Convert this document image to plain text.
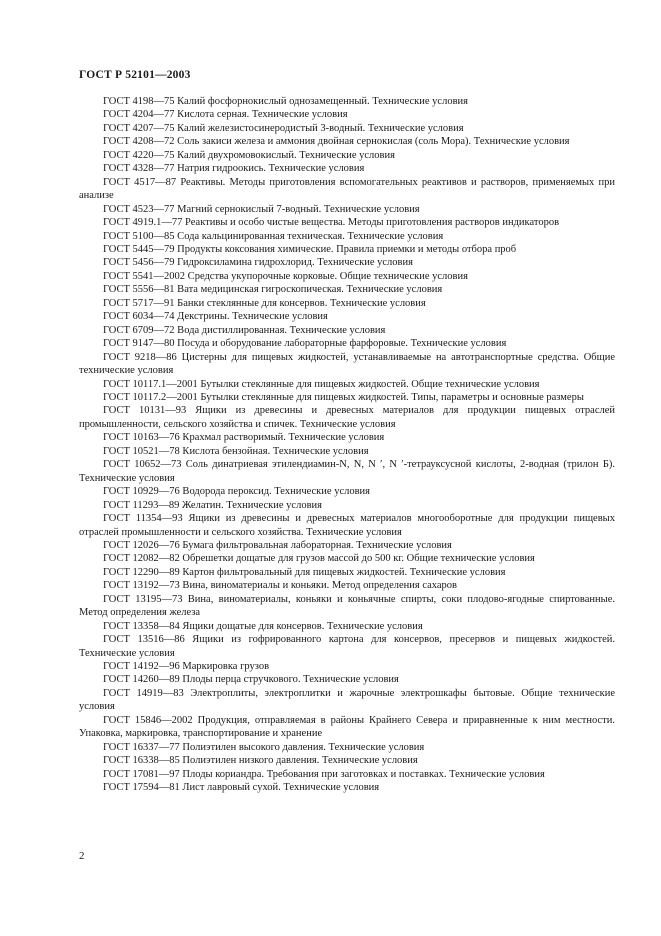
ГОСТ Р 52101—2003
ГОСТ 4198—75 Калий фосфорнокислый однозамещенный. Технические условия
ГОСТ 4204—77 Кислота серная. Технические условия
ГОСТ 4207—75 Калий железистосинеродистый 3-водный. Технические условия
ГОСТ 4208—72 Соль закиси железа и аммония двойная сернокислая (соль Мора). Технические условия
ГОСТ 4220—75 Калий двухромовокислый. Технические условия
ГОСТ 4328—77 Натрия гидроокись. Технические условия
ГОСТ 4517—87 Реактивы. Методы приготовления вспомогательных реактивов и растворов, применяемых при анализе
ГОСТ 4523—77 Магний сернокислый 7-водный. Технические условия
ГОСТ 4919.1—77 Реактивы и особо чистые вещества. Методы приготовления растворов индикаторов
ГОСТ 5100—85 Сода кальцинированная техническая. Технические условия
ГОСТ 5445—79 Продукты коксования химические. Правила приемки и методы отбора проб
ГОСТ 5456—79 Гидроксиламина гидрохлорид. Технические условия
ГОСТ 5541—2002 Средства укупорочные корковые. Общие технические условия
ГОСТ 5556—81 Вата медицинская гигроскопическая. Технические условия
ГОСТ 5717—91 Банки стеклянные для консервов. Технические условия
ГОСТ 6034—74 Декстрины. Технические условия
ГОСТ 6709—72 Вода дистиллированная. Технические условия
ГОСТ 9147—80 Посуда и оборудование лабораторные фарфоровые. Технические условия
ГОСТ 9218—86 Цистерны для пищевых жидкостей, устанавливаемые на автотранспортные средства. Общие технические условия
ГОСТ 10117.1—2001 Бутылки стеклянные для пищевых жидкостей. Общие технические условия
ГОСТ 10117.2—2001 Бутылки стеклянные для пищевых жидкостей. Типы, параметры и основные размеры
ГОСТ 10131—93 Ящики из древесины и древесных материалов для продукции пищевых отраслей промышленности, сельского хозяйства и спичек. Технические условия
ГОСТ 10163—76 Крахмал растворимый. Технические условия
ГОСТ 10521—78 Кислота бензойная. Технические условия
ГОСТ 10652—73 Соль динатриевая этилендиамин-N, N, N ′, N ′-тетрауксусной кислоты, 2-водная (трилон Б). Технические условия
ГОСТ 10929—76 Водорода пероксид. Технические условия
ГОСТ 11293—89 Желатин. Технические условия
ГОСТ 11354—93 Ящики из древесины и древесных материалов многооборотные для продукции пищевых отраслей промышленности и сельского хозяйства. Технические условия
ГОСТ 12026—76 Бумага фильтровальная лабораторная. Технические условия
ГОСТ 12082—82 Обрешетки дощатые для грузов массой до 500 кг. Общие технические условия
ГОСТ 12290—89 Картон фильтровальный для пищевых жидкостей. Технические условия
ГОСТ 13192—73 Вина, виноматериалы и коньяки. Метод определения сахаров
ГОСТ 13195—73 Вина, виноматериалы, коньяки и коньячные спирты, соки плодово-ягодные спиртованные. Метод определения железа
ГОСТ 13358—84 Ящики дощатые для консервов. Технические условия
ГОСТ 13516—86 Ящики из гофрированного картона для консервов, пресервов и пищевых жидкостей. Технические условия
ГОСТ 14192—96 Маркировка грузов
ГОСТ 14260—89 Плоды перца стручкового. Технические условия
ГОСТ 14919—83 Электроплиты, электроплитки и жарочные электрошкафы бытовые. Общие технические условия
ГОСТ 15846—2002 Продукция, отправляемая в районы Крайнего Севера и приравненные к ним местности. Упаковка, маркировка, транспортирование и хранение
ГОСТ 16337—77 Полиэтилен высокого давления. Технические условия
ГОСТ 16338—85 Полиэтилен низкого давления. Технические условия
ГОСТ 17081—97 Плоды кориандра. Требования при заготовках и поставках. Технические условия
ГОСТ 17594—81 Лист лавровый сухой. Технические условия
2
